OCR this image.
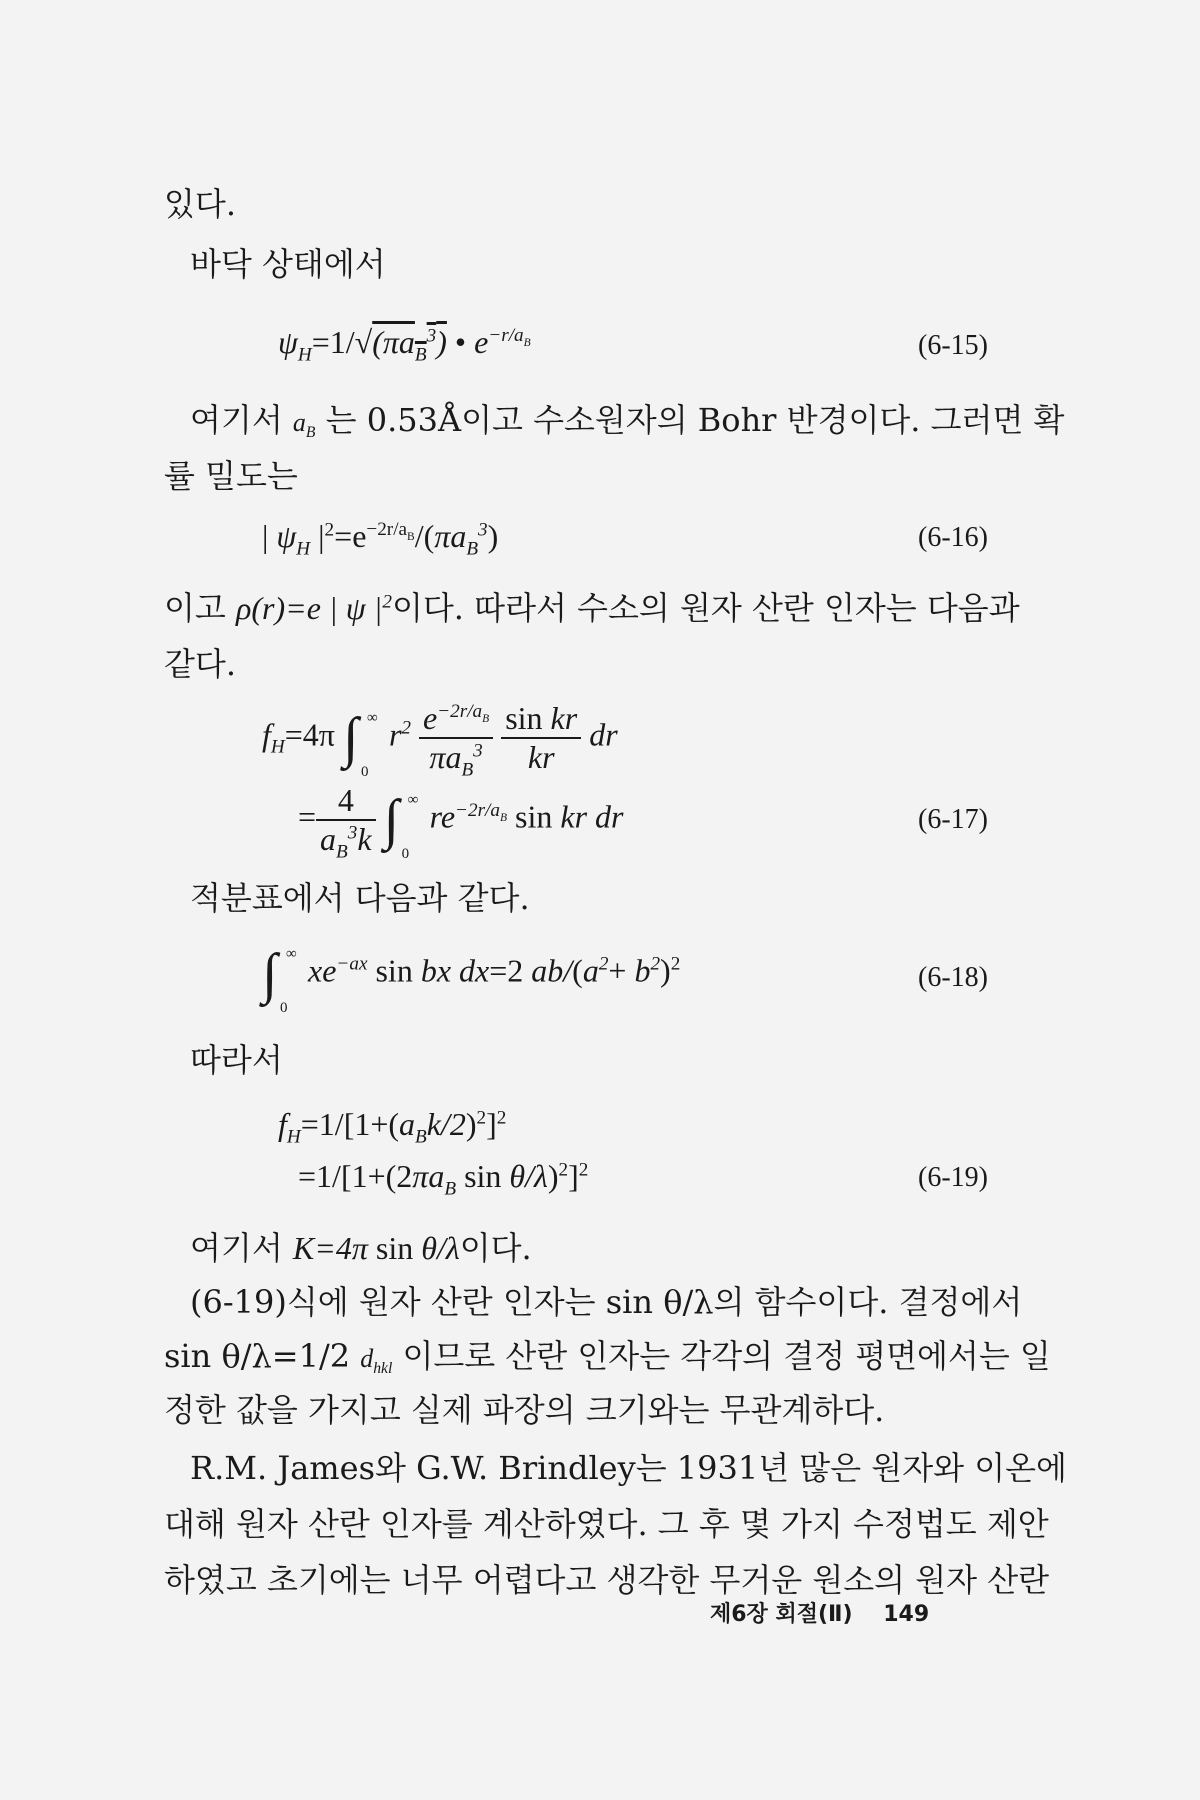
있다.
바닥 상태에서
$\psi_H=1/√(\pi a_B^3)$ • $e^{-r/a_B}$	(6-15)
여기서 $a_B$ 는 0.53Å이고 수소원자의 Bohr 반경이다. 그러면 확
률 밀도는
| $\psi_H$ $|^2=e^{-2r/a_B}/(\pi a_B^3)$	(6-16)
이고 ρ(r)=e | ψ $|^2$이다. 따라서 수소의 원자 산란 인자는 다음과
같다.
$f_H=4\pi$ ∫ ∞
0
$r^2 \frac{e^{-2r/a_B}}{\pi a_B^3}$
$\frac{\text{sin kr}}{kr}$ dr
= $\frac{4}{a_B^3k}$ ∫ ∞
0
$re^{-2r/a_B}$ sin kr dr	(6-17)
적분표에서 다음과 같다.
∫ ∞
0
$xe^{-ax}$ sin bx dx=2 $ab/(a^2+ b^2)^2$	(6-18)
따라서
$f_H=1/[1+(a_Bk/2)^2]^2$
$=1/[1+(2\pi a_B$ sin θ/λ)$^2$]$^2$	(6-19)
여기서 K=4π sin θ/λ이다.
(6-19)식에 원자 산란 인자는 sin θ/λ의 함수이다. 결정에서
sin θ/λ=1/2 $d_{hkl}$ 이므로 산란 인자는 각각의 결정 평면에서는 일
정한 값을 가지고 실제 파장의 크기와는 무관계하다.
R.M. James와 G.W. Brindley는 1931년 많은 원자와 이온에
대해 원자 산란 인자를 계산하였다. 그 후 몇 가지 수정법도 제안
하였고 초기에는 너무 어렵다고 생각한 무거운 원소의 원자 산란
제6장 회절(Ⅱ) 149
